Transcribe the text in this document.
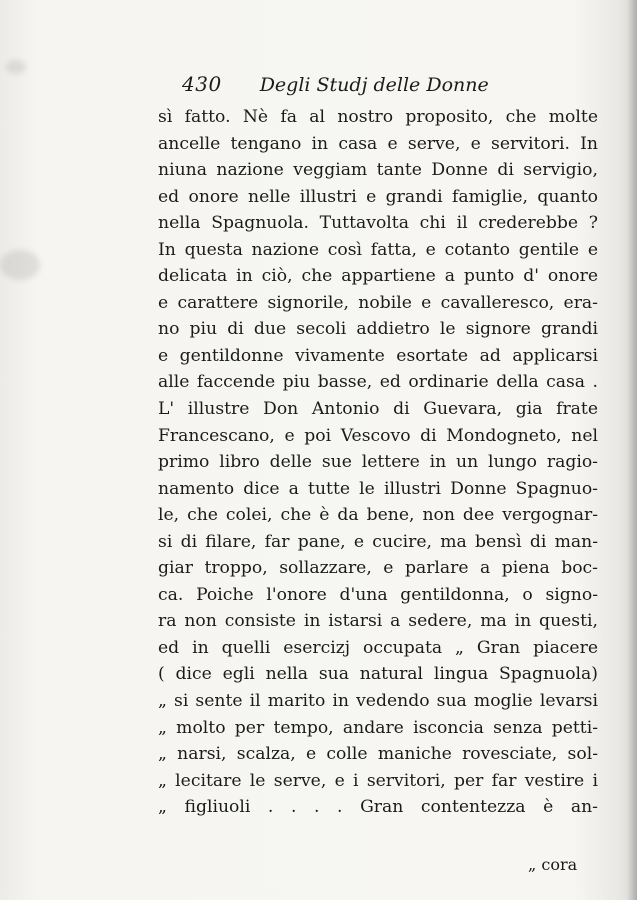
430 Degli Studj delle Donne
sì fatto. Nè fa al nostro proposito, che molte
ancelle tengano in casa e serve, e servitori. In
niuna nazione veggiam tante Donne di servigio,
ed onore nelle illustri e grandi famiglie, quanto
nella Spagnuola. Tuttavolta chi il crederebbe ?
In questa nazione così fatta, e cotanto gentile e
delicata in ciò, che appartiene a punto d' onore
e carattere signorile, nobile e cavalleresco, era-
no piu di due secoli addietro le signore grandi
e gentildonne vivamente esortate ad applicarsi
alle faccende piu basse, ed ordinarie della casa .
L' illustre Don Antonio di Guevara, gia frate
Francescano, e poi Vescovo di Mondogneto, nel
primo libro delle sue lettere in un lungo ragio-
namento dice a tutte le illustri Donne Spagnuo-
le, che colei, che è da bene, non dee vergognar-
si di filare, far pane, e cucire, ma bensì di man-
giar troppo, sollazzare, e parlare a piena boc-
ca. Poiche l'onore d'una gentildonna, o signo-
ra non consiste in istarsi a sedere, ma in questi,
ed in quelli esercizj occupata „ Gran piacere
( dice egli nella sua natural lingua Spagnuola)
„ si sente il marito in vedendo sua moglie levarsi
„ molto per tempo, andare isconcia senza petti-
„ narsi, scalza, e colle maniche rovesciate, sol-
„ lecitare le serve, e i servitori, per far vestire i
„ figliuoli . . . . Gran contentezza è an-
„ cora
